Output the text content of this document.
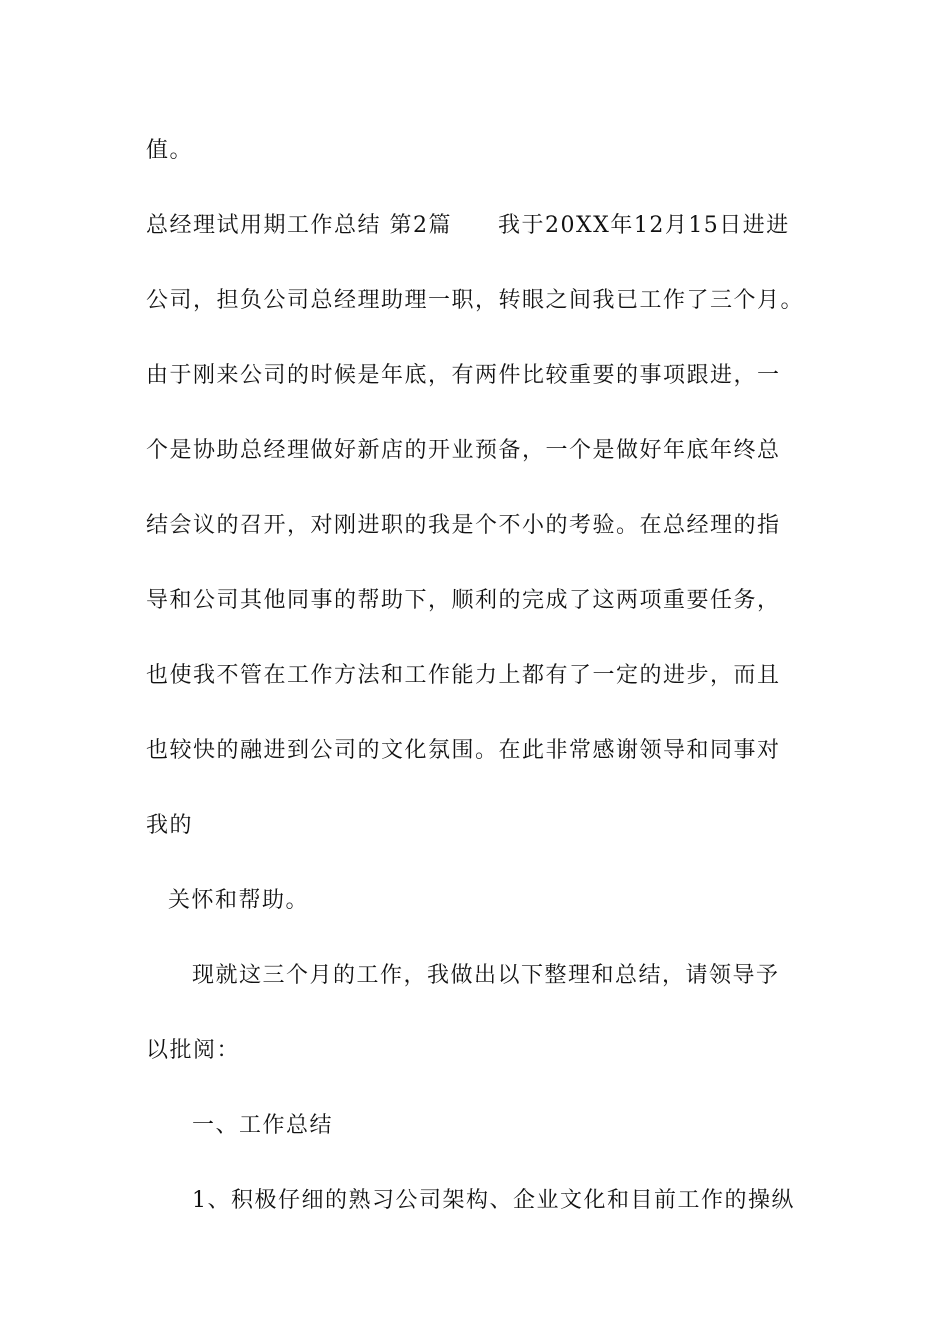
值。
总经理试用期工作总结 第2篇 我于20XX年12月15日进进
公司，担负公司总经理助理一职，转眼之间我已工作了三个月。
由于刚来公司的时候是年底，有两件比较重要的事项跟进，一
个是协助总经理做好新店的开业预备，一个是做好年底年终总
结会议的召开，对刚进职的我是个不小的考验。在总经理的指
导和公司其他同事的帮助下，顺利的完成了这两项重要任务，
也使我不管在工作方法和工作能力上都有了一定的进步，而且
也较快的融进到公司的文化氛围。在此非常感谢领导和同事对
我的
关怀和帮助。
现就这三个月的工作，我做出以下整理和总结，请领导予
以批阅：
一、工作总结
1、积极仔细的熟习公司架构、企业文化和目前工作的操纵
